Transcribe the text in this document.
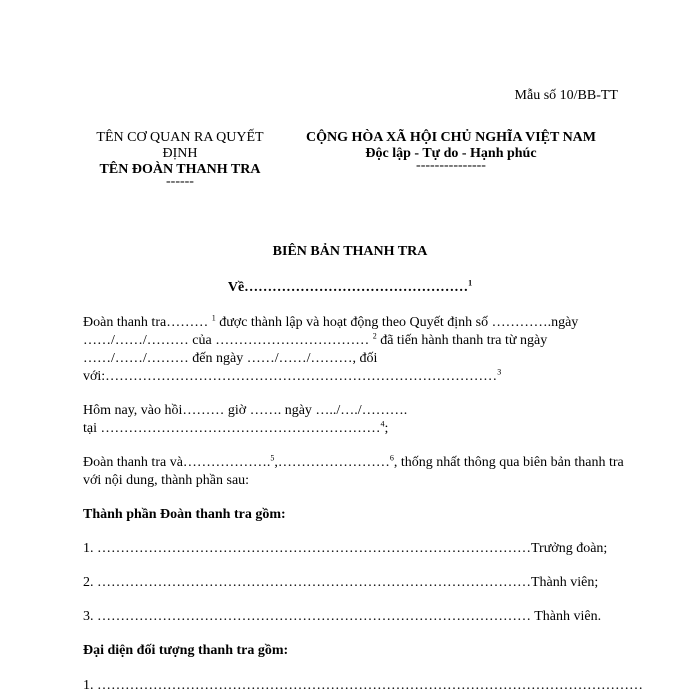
Mẫu số 10/BB-TT
TÊN CƠ QUAN RA QUYẾT
ĐỊNH
TÊN ĐOÀN THANH TRA
------
CỘNG HÒA XÃ HỘI CHỦ NGHĨA VIỆT NAM
Độc lập - Tự do - Hạnh phúc
---------------
BIÊN BẢN THANH TRA
Về…………………………………………$^1$
Đoàn thanh tra……… $^1$ được thành lập và hoạt động theo Quyết định số ………….ngày
……/……/……… của …………………………… $^2$ đã tiến hành thanh tra từ ngày
……/……/……… đến ngày ……/……/………, đối
với:…………………………………………………………………………$^3$
Hôm nay, vào hồi……… giờ ……. ngày …../…./……….
tại ……………………………………………………$^4$;
Đoàn thanh tra và……………….$^5$,……………………$^6$, thống nhất thông qua biên bản thanh tra
với nội dung, thành phần sau:
Thành phần Đoàn thanh tra gồm:
1. …………………………………………………………………………………Trưởng đoàn;
2. …………………………………………………………………………………Thành viên;
3. ………………………………………………………………………………… Thành viên.
Đại diện đối tượng thanh tra gồm:
1. ………………………………………………………………………………………………………
